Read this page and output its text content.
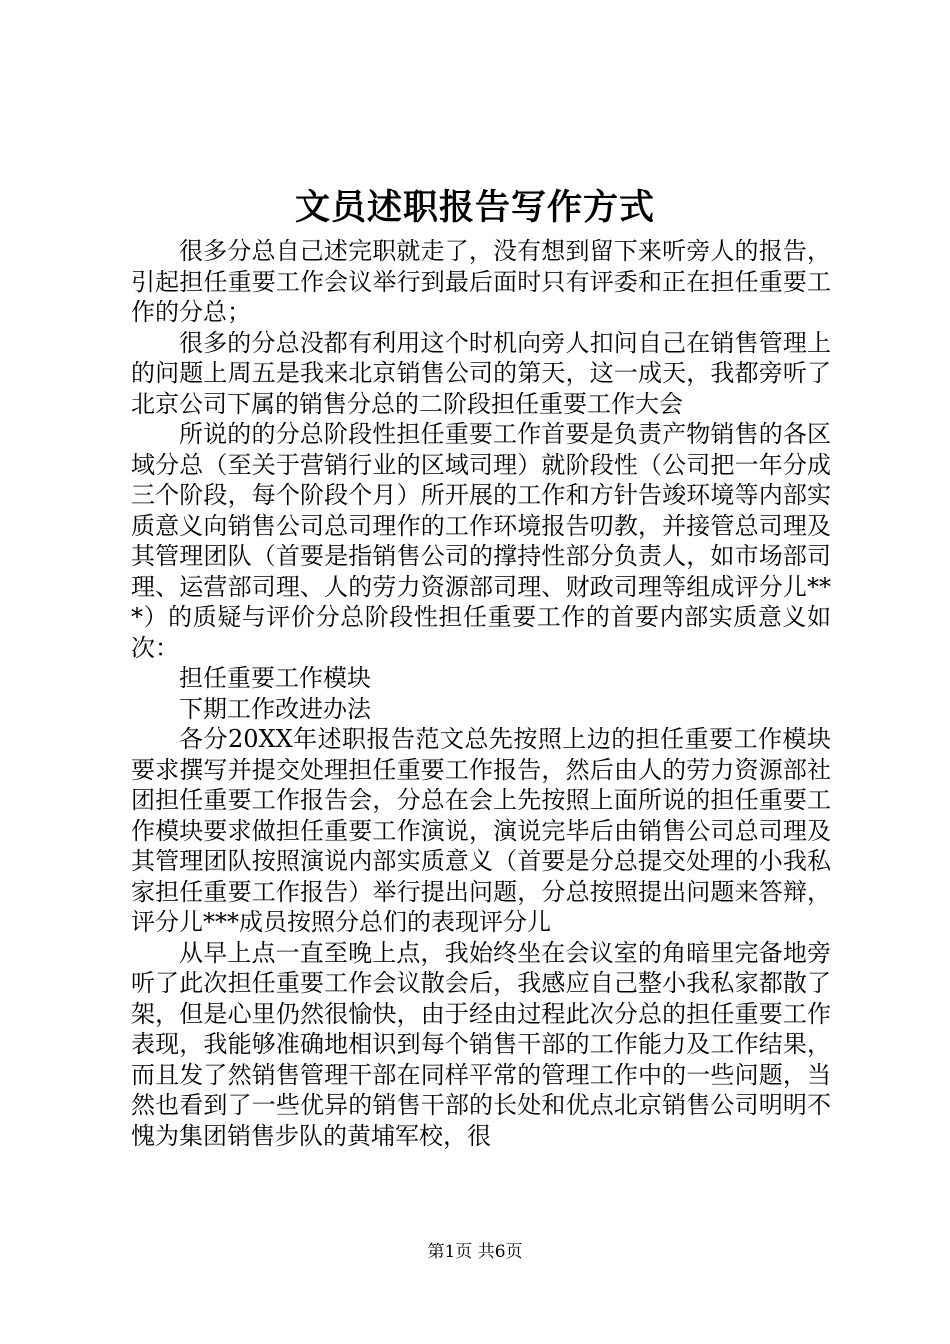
文员述职报告写作方式

很多分总自己述完职就走了，没有想到留下来听旁人的报告，引起担任重要工作会议举行到最后面时只有评委和正在担任重要工作的分总；

很多的分总没都有利用这个时机向旁人扣问自己在销售管理上的问题上周五是我来北京销售公司的第天，这一成天，我都旁听了北京公司下属的销售分总的二阶段担任重要工作大会

所说的的分总阶段性担任重要工作首要是负责产物销售的各区域分总（至关于营销行业的区域司理）就阶段性（公司把一年分成三个阶段，每个阶段个月）所开展的工作和方针告竣环境等内部实质意义向销售公司总司理作的工作环境报告叨教，并接管总司理及其管理团队（首要是指销售公司的撑持性部分负责人，如市场部司理、运营部司理、人的劳力资源部司理、财政司理等组成评分儿***）的质疑与评价分总阶段性担任重要工作的首要内部实质意义如次：

担任重要工作模块

下期工作改进办法

各分20XX年述职报告范文总先按照上边的担任重要工作模块要求撰写并提交处理担任重要工作报告，然后由人的劳力资源部社团担任重要工作报告会，分总在会上先按照上面所说的担任重要工作模块要求做担任重要工作演说，演说完毕后由销售公司总司理及其管理团队按照演说内部实质意义（首要是分总提交处理的小我私家担任重要工作报告）举行提出问题，分总按照提出问题来答辩，评分儿***成员按照分总们的表现评分儿

从早上点一直至晚上点，我始终坐在会议室的角暗里完备地旁听了此次担任重要工作会议散会后，我感应自己整小我私家都散了架，但是心里仍然很愉快，由于经由过程此次分总的担任重要工作表现，我能够准确地相识到每个销售干部的工作能力及工作结果，而且发了然销售管理干部在同样平常的管理工作中的一些问题，当然也看到了一些优异的销售干部的长处和优点北京销售公司明明不愧为集团销售步队的黄埔军校，很

第1页 共6页
